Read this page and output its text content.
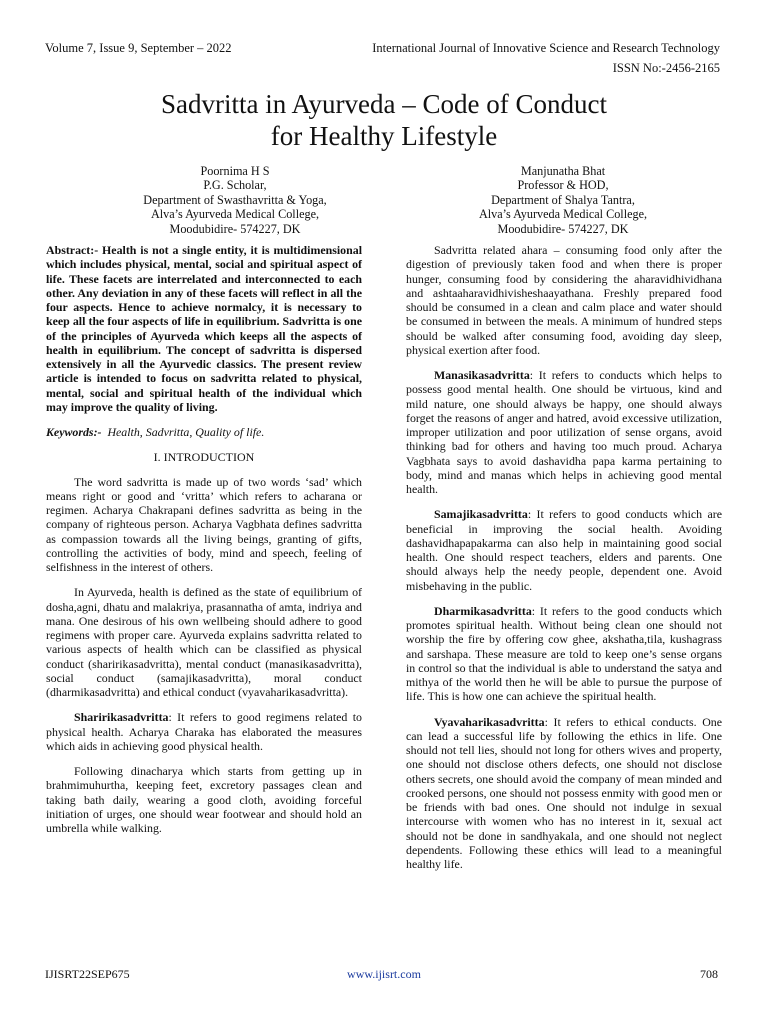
Volume 7, Issue 9, September – 2022	International Journal of Innovative Science and Research Technology
ISSN No:-2456-2165
Sadvritta in Ayurveda – Code of Conduct
for Healthy Lifestyle
Poornima H S
P.G. Scholar,
Department of Swasthavritta & Yoga,
Alva’s Ayurveda Medical College,
Moodubidire- 574227, DK
Manjunatha Bhat
Professor & HOD,
Department of Shalya Tantra,
Alva’s Ayurveda Medical College,
Moodubidire- 574227, DK

Abstract:- Health is not a single entity, it is multidimensional which includes physical, mental, social and spiritual aspect of life. These facets are interrelated and interconnected to each other. Any deviation in any of these facets will reflect in all the four aspects. Hence to achieve normalcy, it is necessary to keep all the four aspects of life in equilibrium. Sadvritta is one of the principles of Ayurveda which keeps all the aspects of health in equilibrium. The concept of sadvritta is dispersed extensively in all the Ayurvedic classics. The present review article is intended to focus on sadvritta related to physical, mental, social and spiritual health of the individual which may improve the quality of living.

Keywords:- Health, Sadvritta, Quality of life.

I. INTRODUCTION

The word sadvritta is made up of two words ‘sad’ which means right or good and ‘vritta’ which refers to acharana or regimen. Acharya Chakrapani defines sadvritta as being in the company of righteous person. Acharya Vagbhata defines sadvritta as compassion towards all the living beings, granting of gifts, controlling the activities of body, mind and speech, feeling of selfishness in the interest of others.

In Ayurveda, health is defined as the state of equilibrium of dosha,agni, dhatu and malakriya, prasannatha of amta, indriya and mana. One desirous of his own wellbeing should adhere to good regimens with proper care. Ayurveda explains sadvritta related to various aspects of health which can be classified as physical conduct (sharirikasadvritta), mental conduct (manasikasadvritta), social conduct (samajikasadvritta), moral conduct (dharmikasadvritta) and ethical conduct (vyavaharikasadvritta).

Sharirikasadvritta: It refers to good regimens related to physical health. Acharya Charaka has elaborated the measures which aids in achieving good physical health.

Following dinacharya which starts from getting up in brahmimuhurtha, keeping feet, excretory passages clean and taking bath daily, wearing a good cloth, avoiding forceful initiation of urges, one should wear footwear and should hold an umbrella while walking.

Sadvritta related ahara – consuming food only after the digestion of previously taken food and when there is proper hunger, consuming food by considering the aharavidhividhana and ashtaaharavidhivisheshaayathana. Freshly prepared food should be consumed in a clean and calm place and water should be consumed in between the meals. A minimum of hundred steps should be walked after consuming food, avoiding day sleep, physical exertion after food.

Manasikasadvritta: It refers to conducts which helps to possess good mental health. One should be virtuous, kind and mild nature, one should always be happy, one should always forget the reasons of anger and hatred, avoid excessive utilization, improper utilization and poor utilization of sense organs, avoid thinking bad for others and having too much proud. Acharya Vagbhata says to avoid dashavidha papa karma pertaining to body, mind and manas which helps in achieving good mental health.

Samajikasadvritta: It refers to good conducts which are beneficial in improving the social health. Avoiding dashavidhapapakarma can also help in maintaining good social health. One should respect teachers, elders and parents. One should always help the needy people, dependent one. Avoid misbehaving in the public.

Dharmikasadvritta: It refers to the good conducts which promotes spiritual health. Without being clean one should not worship the fire by offering cow ghee, akshatha,tila, kushagrass and sarshapa. These measure are told to keep one’s sense organs in control so that the individual is able to understand the satya and mithya of the world then he will be able to pursue the purpose of life. This is how one can achieve the spiritual health.

Vyavaharikasadvritta: It refers to ethical conducts. One can lead a successful life by following the ethics in life. One should not tell lies, should not long for others wives and property, one should not disclose others defects, one should not disclose others secrets, one should avoid the company of mean minded and crooked persons, one should not possess enmity with good men or be friends with bad ones. One should not indulge in sexual intercourse with women who has no interest in it, sexual act should not be done in sandhyakala, and one should not neglect dependents. Following these ethics will lead to a meaningful healthy life.

IJISRT22SEP675	www.ijisrt.com	708
